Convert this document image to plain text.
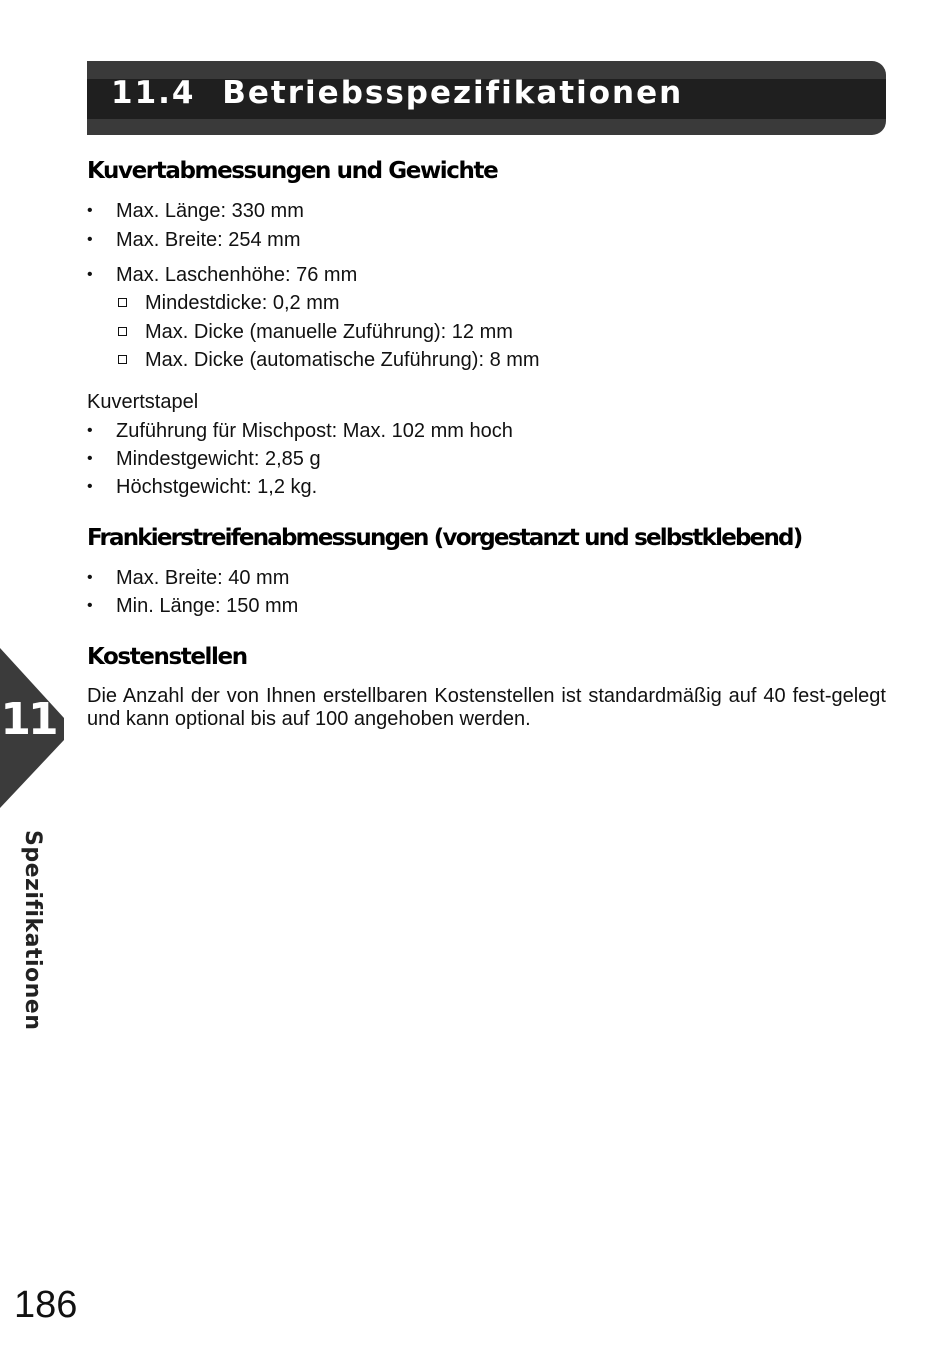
11.4 Betriebsspezifikationen
Kuvertabmessungen und Gewichte
• Max. Länge: 330 mm

• Max. Breite: 254 mm

• Max. Laschenhöhe: 76 mm

Mindestdicke: 0,2 mm

Max. Dicke (manuelle Zuführung): 12 mm

Max. Dicke (automatische Zuführung): 8 mm

Kuvertstapel

• Zuführung für Mischpost: Max. 102 mm hoch

• Mindestgewicht: 2,85 g

• Höchstgewicht: 1,2 kg.

Frankierstreifenabmessungen (vorgestanzt und selbstklebend)
• Max. Breite: 40 mm

• Min. Länge: 150 mm

Kostenstellen

Die Anzahl der von Ihnen erstellbaren Kostenstellen ist standardmäßig auf 40 fest-gelegt und kann optional bis auf 100 angehoben werden.

11

Spezifikationen

186
